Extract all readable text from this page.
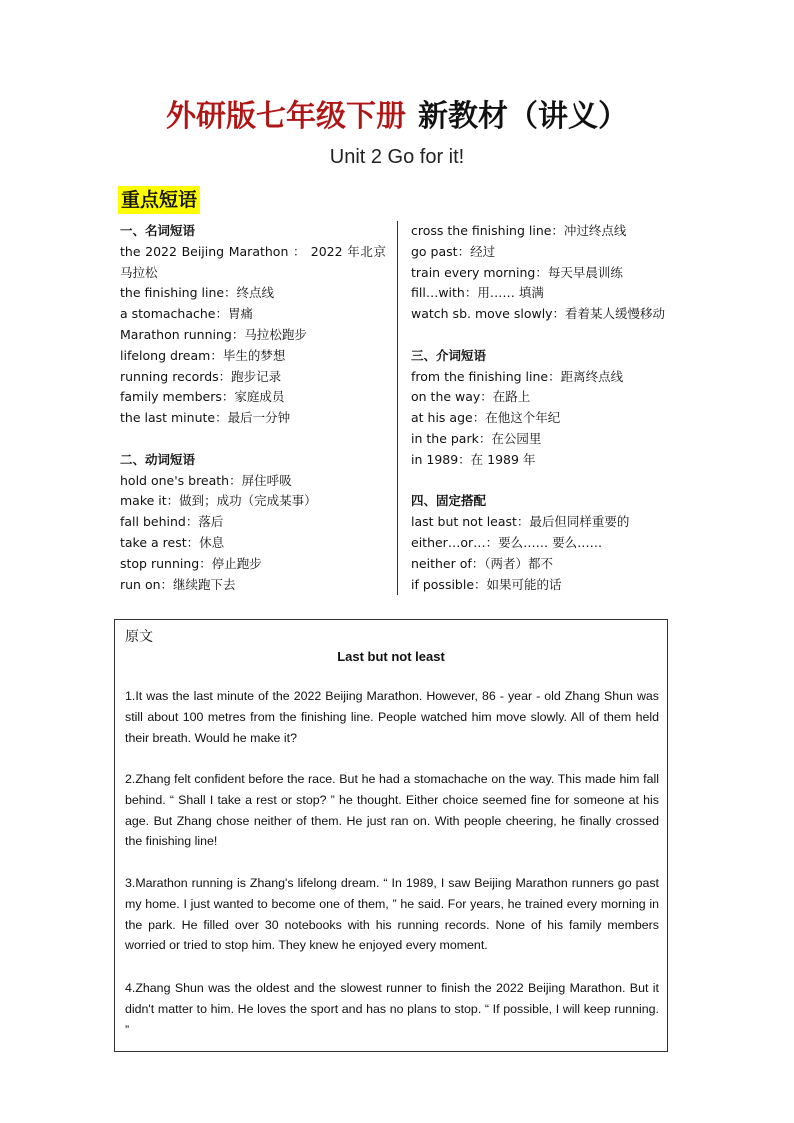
外研版七年级下册 新教材（讲义）
Unit 2 Go for it!
重点短语
一、名词短语
the 2022 Beijing Marathon ： 2022 年北京马拉松
the finishing line：终点线
a stomachache：胃痛
Marathon running：马拉松跑步
lifelong dream：毕生的梦想
running records：跑步记录
family members：家庭成员
the last minute：最后一分钟
二、动词短语
hold one's breath：屏住呼吸
make it：做到；成功（完成某事）
fall behind：落后
take a rest：休息
stop running：停止跑步
run on：继续跑下去
cross the finishing line：冲过终点线
go past：经过
train every morning：每天早晨训练
fill…with：用…… 填满
watch sb. move slowly：看着某人缓慢移动
三、介词短语
from the finishing line：距离终点线
on the way：在路上
at his age：在他这个年纪
in the park：在公园里
in 1989：在 1989 年
四、固定搭配
last but not least：最后但同样重要的
either…or…：要么…… 要么……
neither of：（两者）都不
if possible：如果可能的话
原文
Last but not least
1.It was the last minute of the 2022 Beijing Marathon. However, 86 - year - old Zhang Shun was still about 100 metres from the finishing line. People watched him move slowly. All of them held their breath. Would he make it?
2.Zhang felt confident before the race. But he had a stomachache on the way. This made him fall behind. “ Shall I take a rest or stop? ” he thought. Either choice seemed fine for someone at his age. But Zhang chose neither of them. He just ran on. With people cheering, he finally crossed the finishing line!
3.Marathon running is Zhang's lifelong dream. “ In 1989, I saw Beijing Marathon runners go past my home. I just wanted to become one of them, ” he said. For years, he trained every morning in the park. He filled over 30 notebooks with his running records. None of his family members worried or tried to stop him. They knew he enjoyed every moment.
4.Zhang Shun was the oldest and the slowest runner to finish the 2022 Beijing Marathon. But it didn't matter to him. He loves the sport and has no plans to stop. “ If possible, I will keep running. ”
